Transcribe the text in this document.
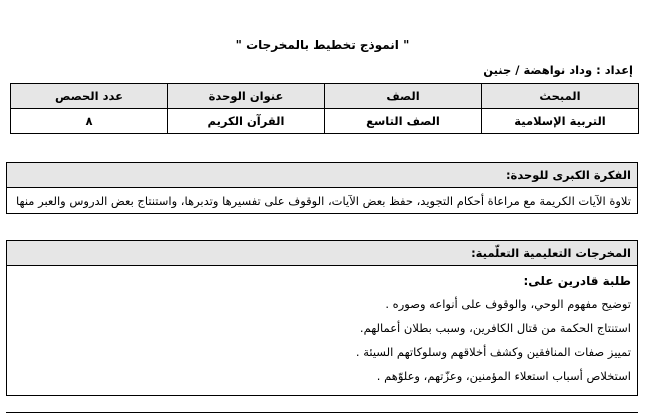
" انموذج تخطيط بالمخرجات "
إعداد : وداد نواهضة / جنين
المبحث	الصف	عنوان الوحدة	عدد الحصص
التربية الإسلامية	الصف التاسع	القرآن الكريم	٨
الفكرة الكبرى للوحدة:
تلاوة الآيات الكريمة مع مراعاة أحكام التجويد، حفظ بعض الآيات، الوقوف على تفسيرها وتدبرها، واستنتاج بعض الدروس والعبر منها
المخرجات التعليمية التعلّمية:
طلبة قادرين على:
توضيح مفهوم الوحي، والوقوف على أنواعه وصوره .
استنتاج الحكمة من قتال الكافرين، وسبب بطلان أعمالهم.
تمييز صفات المنافقين وكشف أخلاقهم وسلوكاتهم السيئة .
استخلاص أسباب استعلاء المؤمنين، وعزّتهم، وعلوّهم .
